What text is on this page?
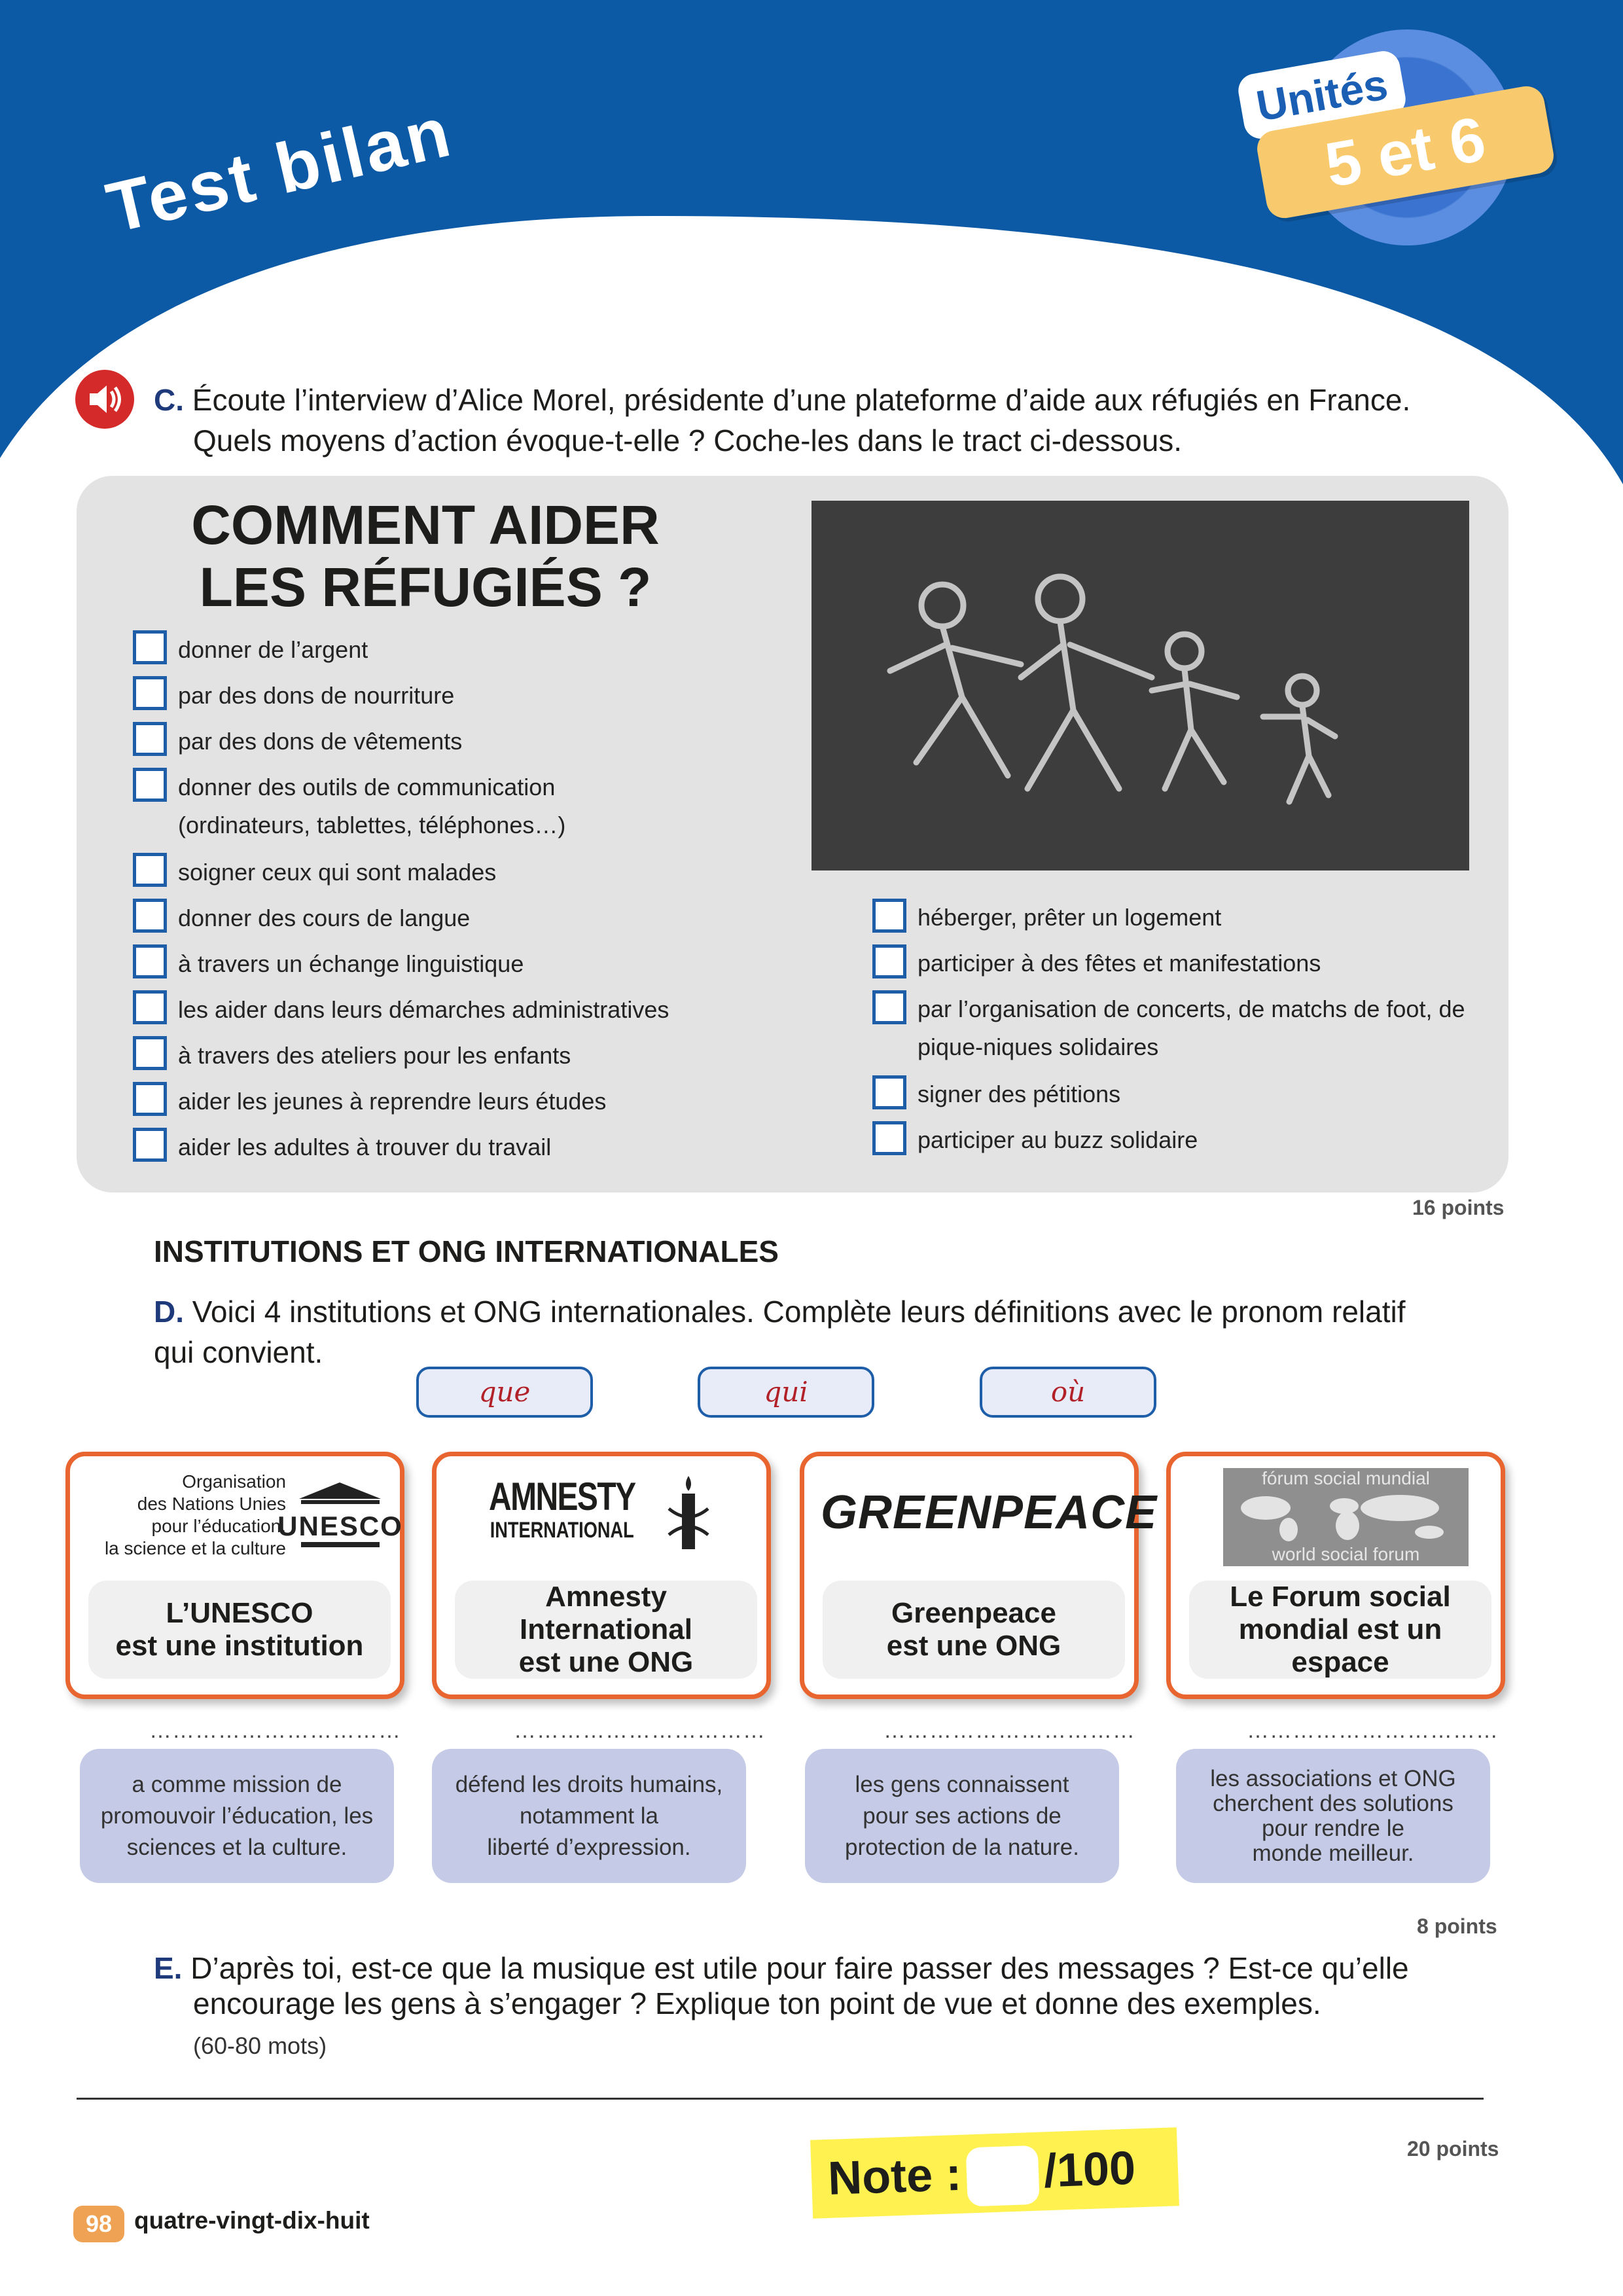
Test bilan	Unités
5 et 6
C. Écoute l’interview d’Alice Morel, présidente d’une plateforme d’aide aux réfugiés en France.
Quels moyens d’action évoque-t-elle ? Coche-les dans le tract ci-dessous.
COMMENT AIDER
LES RÉFUGIÉS ?
donner de l’argent
par des dons de nourriture
par des dons de vêtements
donner des outils de communication
(ordinateurs, tablettes, téléphones…)
soigner ceux qui sont malades
donner des cours de langue
à travers un échange linguistique
les aider dans leurs démarches administratives
à travers des ateliers pour les enfants
aider les jeunes à reprendre leurs études
aider les adultes à trouver du travail
héberger, prêter un logement
participer à des fêtes et manifestations
par l’organisation de concerts, de matchs de foot, de
pique-niques solidaires
signer des pétitions
participer au buzz solidaire
16 points
INSTITUTIONS ET ONG INTERNATIONALES
D. Voici 4 institutions et ONG internationales. Complète leurs définitions avec le pronom relatif
qui convient.
que	qui	où
Organisation
des Nations Unies
pour l’éducation,
la science et la culture
UNESCO
L’UNESCO
est une institution
AMNESTY
INTERNATIONAL
Amnesty International
est une ONG
GREENPEACE
Greenpeace
est une ONG
fórum social mundial
world social forum
Le Forum social
mondial est un espace
……………………………	……………………………	……………………………	……………………………
a comme mission de
promouvoir l’éducation, les
sciences et la culture.
défend les droits humains,
notamment la
liberté d’expression.
les gens connaissent
pour ses actions de
protection de la nature.
les associations et ONG
cherchent des solutions
pour rendre le
monde meilleur.
8 points
E. D’après toi, est-ce que la musique est utile pour faire passer des messages ? Est-ce qu’elle
encourage les gens à s’engager ? Explique ton point de vue et donne des exemples.
(60-80 mots)
20 points
Note : /100
98 quatre-vingt-dix-huit
